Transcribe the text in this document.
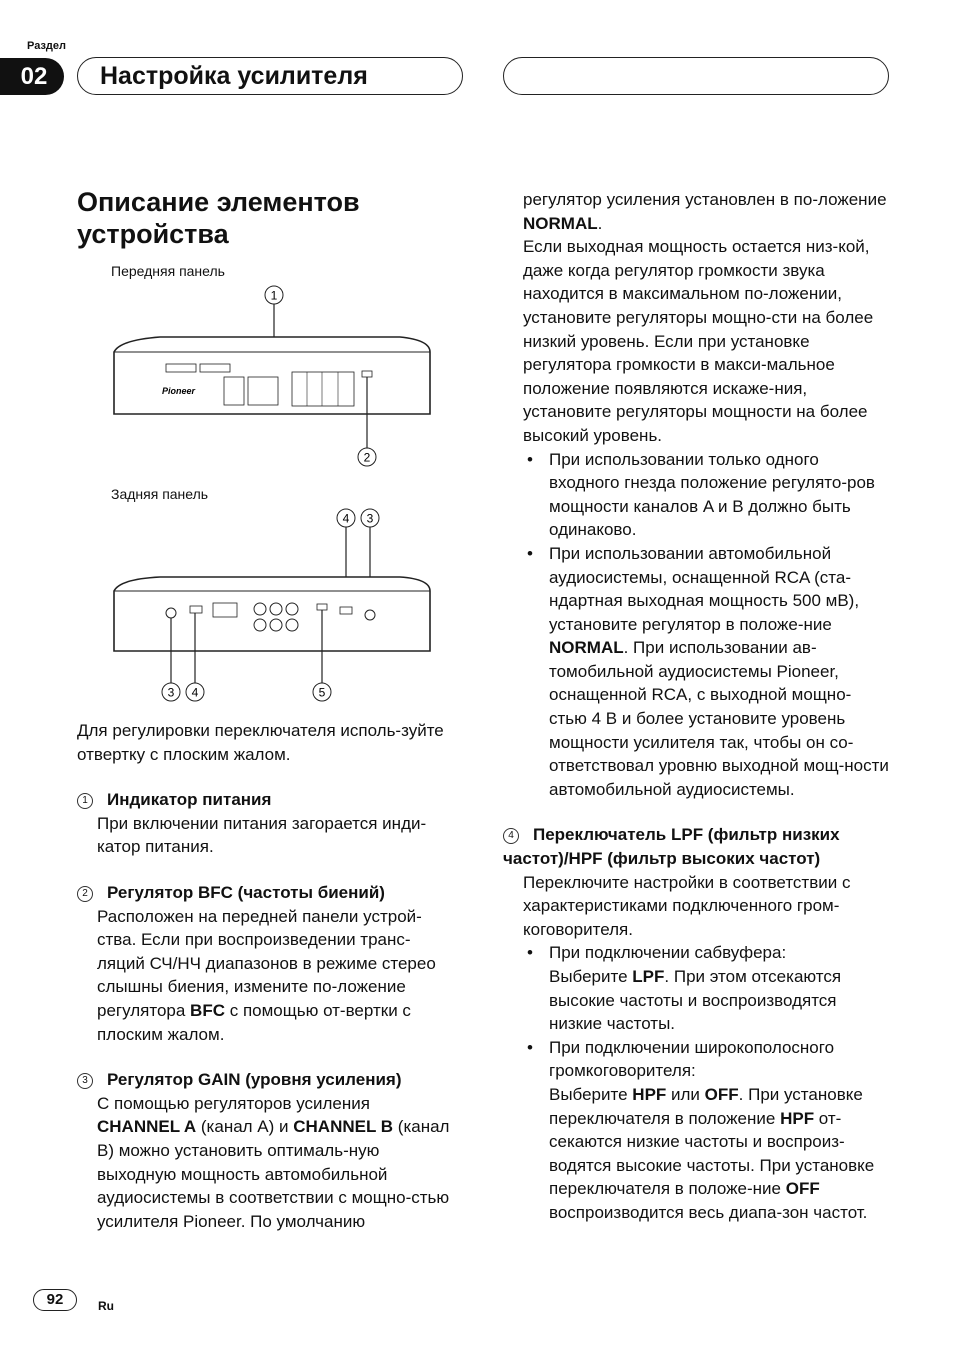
Раздел
02	Настройка усилителя
Описание элементов устройства
Передняя панель
1
Pioneer
2
Задняя панель
4 3
3 4	5

Для регулировки переключателя исполь-зуйте отвертку с плоским жалом.

1 Индикатор питания

При включении питания загорается инди-катор питания.

2 Регулятор BFC (частоты биений)

Расположен на передней панели устрой-ства. Если при воспроизведении транс-ляций СЧ/НЧ диапазонов в режиме стерео слышны биения, измените по-ложение регулятора BFC с помощью от-вертки с плоским жалом.

3 Регулятор GAIN (уровня усиления)

С помощью регуляторов усиления CHANNEL A (канал A) и CHANNEL B (канал B) можно установить оптималь-ную выходную мощность автомобильной аудиосистемы в соответствии с мощно-стью усилителя Pioneer. По умолчанию

регулятор усиления установлен в по-ложение NORMAL.

Если выходная мощность остается низ-кой, даже когда регулятор громкости звука находится в максимальном по-ложении, установите регуляторы мощно-сти на более низкий уровень. Если при установке регулятора громкости в макси-мальное положение появляются искаже-ния, установите регуляторы мощности на более высокий уровень.

• При использовании только одного входного гнезда положение регулято-ров мощности каналов A и B должно быть одинаково.
• При использовании автомобильной аудиосистемы, оснащенной RCA (ста-ндартная выходная мощность 500 мВ), установите регулятор в положе-ние NORMAL. При использовании ав-томобильной аудиосистемы Pioneer, оснащенной RCA, с выходной мощно-стью 4 В и более установите уровень мощности усилителя так, чтобы он со-ответствовал уровню выходной мощ-ности автомобильной аудиосистемы.

4 Переключатель LPF (фильтр низких частот)/HPF (фильтр высоких частот)

Переключите настройки в соответствии с характеристиками подключенного гром-коговорителя.

• При подключении сабвуфера:
Выберите LPF. При этом отсекаются высокие частоты и воспроизводятся низкие частоты.
• При подключении широкополосного громкоговорителя:
Выберите HPF или OFF. При установке переключателя в положение HPF от-секаются низкие частоты и воспроиз-водятся высокие частоты. При установке переключателя в положе-ние OFF воспроизводится весь диапа-зон частот.
92	Ru
